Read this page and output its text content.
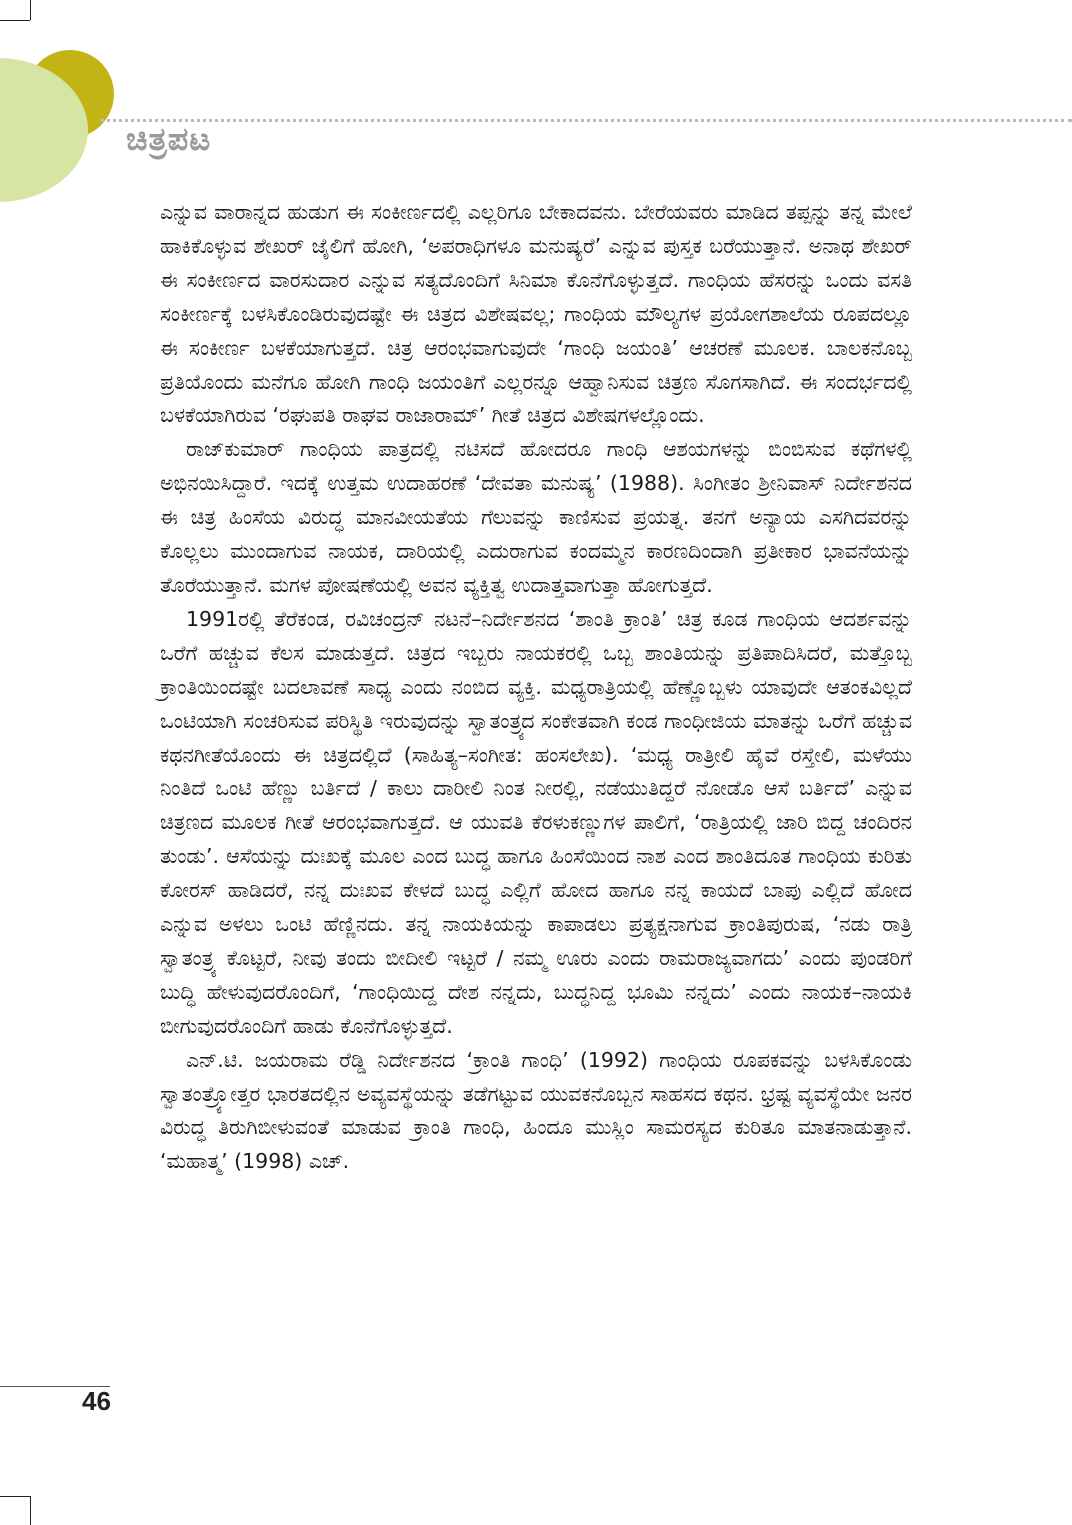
ಚಿತ್ರಪಟ

ಎನ್ನುವ ವಾರಾನ್ನದ ಹುಡುಗ ಈ ಸಂಕೀರ್ಣದಲ್ಲಿ ಎಲ್ಲರಿಗೂ ಬೇಕಾದವನು. ಬೇರೆಯವರು ಮಾಡಿದ ತಪ್ಪನ್ನು ತನ್ನ ಮೇಲೆ ಹಾಕಿಕೊಳ್ಳುವ ಶೇಖರ್ ಜೈಲಿಗೆ ಹೋಗಿ, ‘ಅಪರಾಧಿಗಳೂ ಮನುಷ್ಯರೆ’ ಎನ್ನುವ ಪುಸ್ತಕ ಬರೆಯುತ್ತಾನೆ. ಅನಾಥ ಶೇಖರ್ ಈ ಸಂಕೀರ್ಣದ ವಾರಸುದಾರ ಎನ್ನುವ ಸತ್ಯದೊಂದಿಗೆ ಸಿನಿಮಾ ಕೊನೆಗೊಳ್ಳುತ್ತದೆ. ಗಾಂಧಿಯ ಹೆಸರನ್ನು ಒಂದು ವಸತಿ ಸಂಕೀರ್ಣಕ್ಕೆ ಬಳಸಿಕೊಂಡಿರುವುದಷ್ಟೇ ಈ ಚಿತ್ರದ ವಿಶೇಷವಲ್ಲ; ಗಾಂಧಿಯ ಮೌಲ್ಯಗಳ ಪ್ರಯೋಗಶಾಲೆಯ ರೂಪದಲ್ಲೂ ಈ ಸಂಕೀರ್ಣ ಬಳಕೆಯಾಗುತ್ತದೆ. ಚಿತ್ರ ಆರಂಭವಾಗುವುದೇ ‘ಗಾಂಧಿ ಜಯಂತಿ’ ಆಚರಣೆ ಮೂಲಕ. ಬಾಲಕನೊಬ್ಬ ಪ್ರತಿಯೊಂದು ಮನೆಗೂ ಹೋಗಿ ಗಾಂಧಿ ಜಯಂತಿಗೆ ಎಲ್ಲರನ್ನೂ ಆಹ್ವಾನಿಸುವ ಚಿತ್ರಣ ಸೊಗಸಾಗಿದೆ. ಈ ಸಂದರ್ಭದಲ್ಲಿ ಬಳಕೆಯಾಗಿರುವ ‘ರಘುಪತಿ ರಾಘವ ರಾಜಾರಾಮ್’ ಗೀತೆ ಚಿತ್ರದ ವಿಶೇಷಗಳಲ್ಲೊಂದು.

ರಾಜ್‌ಕುಮಾರ್ ಗಾಂಧಿಯ ಪಾತ್ರದಲ್ಲಿ ನಟಿಸದೆ ಹೋದರೂ ಗಾಂಧಿ ಆಶಯಗಳನ್ನು ಬಿಂಬಿಸುವ ಕಥೆಗಳಲ್ಲಿ ಅಭಿನಯಿಸಿದ್ದಾರೆ. ಇದಕ್ಕೆ ಉತ್ತಮ ಉದಾಹರಣೆ ‘ದೇವತಾ ಮನುಷ್ಯ’ (1988). ಸಿಂಗೀತಂ ಶ್ರೀನಿವಾಸ್ ನಿರ್ದೇಶನದ ಈ ಚಿತ್ರ ಹಿಂಸೆಯ ವಿರುದ್ಧ ಮಾನವೀಯತೆಯ ಗೆಲುವನ್ನು ಕಾಣಿಸುವ ಪ್ರಯತ್ನ. ತನಗೆ ಅನ್ಯಾಯ ಎಸಗಿದವರನ್ನು ಕೊಲ್ಲಲು ಮುಂದಾಗುವ ನಾಯಕ, ದಾರಿಯಲ್ಲಿ ಎದುರಾಗುವ ಕಂದಮ್ಮನ ಕಾರಣದಿಂದಾಗಿ ಪ್ರತೀಕಾರ ಭಾವನೆಯನ್ನು ತೊರೆಯುತ್ತಾನೆ. ಮಗಳ ಪೋಷಣೆಯಲ್ಲಿ ಅವನ ವ್ಯಕ್ತಿತ್ವ ಉದಾತ್ತವಾಗುತ್ತಾ ಹೋಗುತ್ತದೆ.

1991ರಲ್ಲಿ ತೆರೆಕಂಡ, ರವಿಚಂದ್ರನ್ ನಟನೆ–ನಿರ್ದೇಶನದ ‘ಶಾಂತಿ ಕ್ರಾಂತಿ’ ಚಿತ್ರ ಕೂಡ ಗಾಂಧಿಯ ಆದರ್ಶವನ್ನು ಒರೆಗೆ ಹಚ್ಚುವ ಕೆಲಸ ಮಾಡುತ್ತದೆ. ಚಿತ್ರದ ಇಬ್ಬರು ನಾಯಕರಲ್ಲಿ ಒಬ್ಬ ಶಾಂತಿಯನ್ನು ಪ್ರತಿಪಾದಿಸಿದರೆ, ಮತ್ತೊಬ್ಬ ಕ್ರಾಂತಿಯಿಂದಷ್ಟೇ ಬದಲಾವಣೆ ಸಾಧ್ಯ ಎಂದು ನಂಬಿದ ವ್ಯಕ್ತಿ. ಮಧ್ಯರಾತ್ರಿಯಲ್ಲಿ ಹೆಣ್ಣೊಬ್ಬಳು ಯಾವುದೇ ಆತಂಕವಿಲ್ಲದೆ ಒಂಟಿಯಾಗಿ ಸಂಚರಿಸುವ ಪರಿಸ್ಥಿತಿ ಇರುವುದನ್ನು ಸ್ವಾತಂತ್ರ್ಯದ ಸಂಕೇತವಾಗಿ ಕಂಡ ಗಾಂಧೀಜಿಯ ಮಾತನ್ನು ಒರೆಗೆ ಹಚ್ಚುವ ಕಥನಗೀತೆಯೊಂದು ಈ ಚಿತ್ರದಲ್ಲಿದೆ (ಸಾಹಿತ್ಯ–ಸಂಗೀತ: ಹಂಸಲೇಖ). ‘ಮಧ್ಯ ರಾತ್ರೀಲಿ ಹೈವೆ ರಸ್ತೇಲಿ, ಮಳೆಯು ನಿಂತಿದೆ ಒಂಟಿ ಹೆಣ್ಣು ಬರ್ತಿದೆ / ಕಾಲು ದಾರೀಲಿ ನಿಂತ ನೀರಲ್ಲಿ, ನಡೆಯುತಿದ್ದರೆ ನೋಡೊ ಆಸೆ ಬರ್ತಿದೆ’ ಎನ್ನುವ ಚಿತ್ರಣದ ಮೂಲಕ ಗೀತೆ ಆರಂಭವಾಗುತ್ತದೆ. ಆ ಯುವತಿ ಕೆರಳುಕಣ್ಣುಗಳ ಪಾಲಿಗೆ, ‘ರಾತ್ರಿಯಲ್ಲಿ ಜಾರಿ ಬಿದ್ದ ಚಂದಿರನ ತುಂಡು’. ಆಸೆಯನ್ನು ದುಃಖಕ್ಕೆ ಮೂಲ ಎಂದ ಬುದ್ಧ ಹಾಗೂ ಹಿಂಸೆಯಿಂದ ನಾಶ ಎಂದ ಶಾಂತಿದೂತ ಗಾಂಧಿಯ ಕುರಿತು ಕೋರಸ್ ಹಾಡಿದರೆ, ನನ್ನ ದುಃಖವ ಕೇಳದೆ ಬುದ್ಧ ಎಲ್ಲಿಗೆ ಹೋದ ಹಾಗೂ ನನ್ನ ಕಾಯದೆ ಬಾಪು ಎಲ್ಲಿದೆ ಹೋದ ಎನ್ನುವ ಅಳಲು ಒಂಟಿ ಹೆಣ್ಣಿನದು. ತನ್ನ ನಾಯಕಿಯನ್ನು ಕಾಪಾಡಲು ಪ್ರತ್ಯಕ್ಷನಾಗುವ ಕ್ರಾಂತಿಪುರುಷ, ‘ನಡು ರಾತ್ರಿ ಸ್ವಾತಂತ್ರ್ಯ ಕೊಟ್ಟರೆ, ನೀವು ತಂದು ಬೀದೀಲಿ ಇಟ್ಟರೆ / ನಮ್ಮ ಊರು ಎಂದು ರಾಮರಾಜ್ಯವಾಗದು’ ಎಂದು ಪುಂಡರಿಗೆ ಬುದ್ಧಿ ಹೇಳುವುದರೊಂದಿಗೆ, ‘ಗಾಂಧಿಯಿದ್ದ ದೇಶ ನನ್ನದು, ಬುದ್ಧನಿದ್ದ ಭೂಮಿ ನನ್ನದು’ ಎಂದು ನಾಯಕ–ನಾಯಕಿ ಬೀಗುವುದರೊಂದಿಗೆ ಹಾಡು ಕೊನೆಗೊಳ್ಳುತ್ತದೆ.

ಎನ್.ಟಿ. ಜಯರಾಮ ರೆಡ್ಡಿ ನಿರ್ದೇಶನದ ‘ಕ್ರಾಂತಿ ಗಾಂಧಿ’ (1992) ಗಾಂಧಿಯ ರೂಪಕವನ್ನು ಬಳಸಿಕೊಂಡು ಸ್ವಾತಂತ್ರ್ಯೋತ್ತರ ಭಾರತದಲ್ಲಿನ ಅವ್ಯವಸ್ಥೆಯನ್ನು ತಡೆಗಟ್ಟುವ ಯುವಕನೊಬ್ಬನ ಸಾಹಸದ ಕಥನ. ಭ್ರಷ್ಟ ವ್ಯವಸ್ಥೆಯೇ ಜನರ ವಿರುದ್ಧ ತಿರುಗಿಬೀಳುವಂತೆ ಮಾಡುವ ಕ್ರಾಂತಿ ಗಾಂಧಿ, ಹಿಂದೂ ಮುಸ್ಲಿಂ ಸಾಮರಸ್ಯದ ಕುರಿತೂ ಮಾತನಾಡುತ್ತಾನೆ. ‘ಮಹಾತ್ಮ’ (1998) ಎಚ್.

46
